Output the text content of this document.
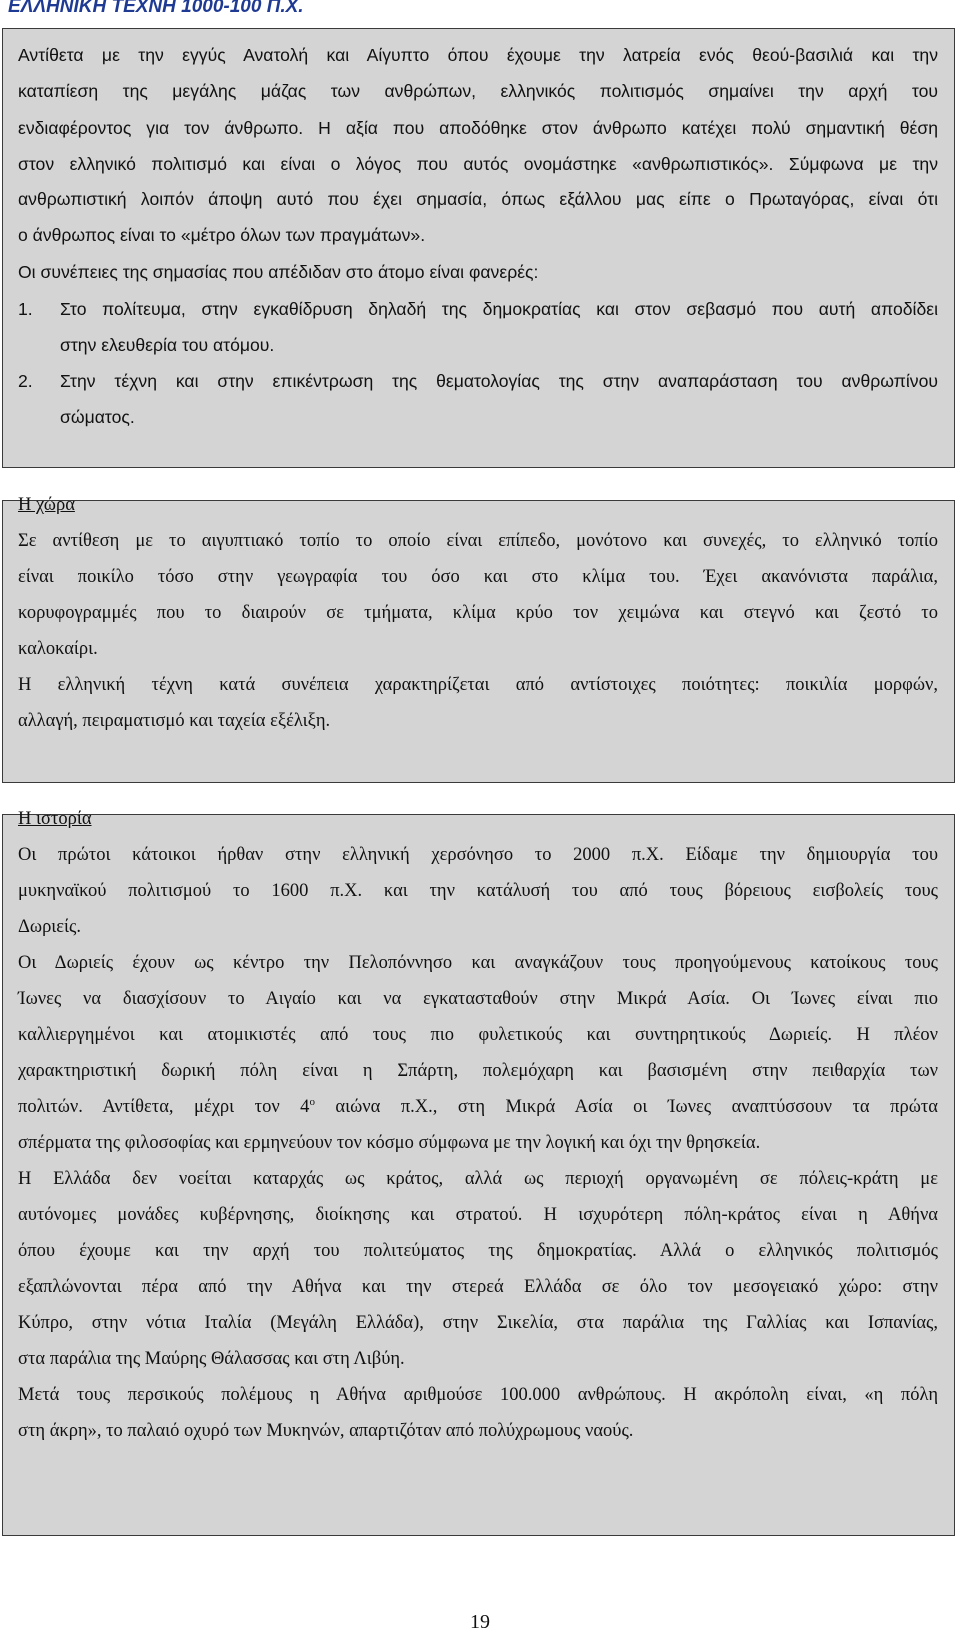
ΕΛΛΗΝΙΚΗ ΤΕΧΝΗ 1000-100 Π.Χ.
Αντίθετα με την εγγύς Ανατολή και Αίγυπτο όπου έχουμε την λατρεία ενός θεού-βασιλιά και την
καταπίεση της μεγάλης μάζας των ανθρώπων, ελληνικός πολιτισμός σημαίνει την αρχή του
ενδιαφέροντος για τον άνθρωπο. Η αξία που αποδόθηκε στον άνθρωπο κατέχει πολύ σημαντική θέση
στον ελληνικό πολιτισμό και είναι ο λόγος που αυτός ονομάστηκε «ανθρωπιστικός». Σύμφωνα με την
ανθρωπιστική λοιπόν άποψη αυτό που έχει σημασία, όπως εξάλλου μας είπε ο Πρωταγόρας, είναι ότι
ο άνθρωπος είναι το «μέτρο όλων των πραγμάτων».
Οι συνέπειες της σημασίας που απέδιδαν στο άτομο είναι φανερές:
1. Στο πολίτευμα, στην εγκαθίδρυση δηλαδή της δημοκρατίας και στον σεβασμό που αυτή αποδίδει
στην ελευθερία του ατόμου.
2. Στην τέχνη και στην επικέντρωση της θεματολογίας της στην αναπαράσταση του ανθρωπίνου
σώματος.
Η χώρα
Σε αντίθεση με το αιγυπτιακό τοπίο το οποίο είναι επίπεδο, μονότονο και συνεχές, το ελληνικό τοπίο
είναι ποικίλο τόσο στην γεωγραφία του όσο και στο κλίμα του. Έχει ακανόνιστα παράλια,
κορυφογραμμές που το διαιρούν σε τμήματα, κλίμα κρύο τον χειμώνα και στεγνό και ζεστό το
καλοκαίρι.
Η ελληνική τέχνη κατά συνέπεια χαρακτηρίζεται από αντίστοιχες ποιότητες: ποικιλία μορφών,
αλλαγή, πειραματισμό και ταχεία εξέλιξη.
Η ιστορία
Οι πρώτοι κάτοικοι ήρθαν στην ελληνική χερσόνησο το 2000 π.Χ. Είδαμε την δημιουργία του
μυκηναϊκού πολιτισμού το 1600 π.Χ. και την κατάλυσή του από τους βόρειους εισβολείς τους
Δωριείς.
Οι Δωριείς έχουν ως κέντρο την Πελοπόννησο και αναγκάζουν τους προηγούμενους κατοίκους τους
Ίωνες να διασχίσουν το Αιγαίο και να εγκατασταθούν στην Μικρά Ασία. Οι Ίωνες είναι πιο
καλλιεργημένοι και ατομικιστές από τους πιο φυλετικούς και συντηρητικούς Δωριείς. Η πλέον
χαρακτηριστική δωρική πόλη είναι η Σπάρτη, πολεμόχαρη και βασισμένη στην πειθαρχία των
πολιτών. Αντίθετα, μέχρι τον $4^o$ αιώνα π.Χ., στη Μικρά Ασία οι Ίωνες αναπτύσσουν τα πρώτα
σπέρματα της φιλοσοφίας και ερμηνεύουν τον κόσμο σύμφωνα με την λογική και όχι την θρησκεία.
Η Ελλάδα δεν νοείται καταρχάς ως κράτος, αλλά ως περιοχή οργανωμένη σε πόλεις-κράτη με
αυτόνομες μονάδες κυβέρνησης, διοίκησης και στρατού. Η ισχυρότερη πόλη-κράτος είναι η Αθήνα
όπου έχουμε και την αρχή του πολιτεύματος της δημοκρατίας. Αλλά ο ελληνικός πολιτισμός
εξαπλώνονται πέρα από την Αθήνα και την στερεά Ελλάδα σε όλο τον μεσογειακό χώρο: στην
Κύπρο, στην νότια Ιταλία (Μεγάλη Ελλάδα), στην Σικελία, στα παράλια της Γαλλίας και Ισπανίας,
στα παράλια της Μαύρης Θάλασσας και στη Λιβύη.
Μετά τους περσικούς πολέμους η Αθήνα αριθμούσε 100.000 ανθρώπους. Η ακρόπολη είναι, «η πόλη
στη άκρη», το παλαιό οχυρό των Μυκηνών, απαρτιζόταν από πολύχρωμους ναούς.
19
